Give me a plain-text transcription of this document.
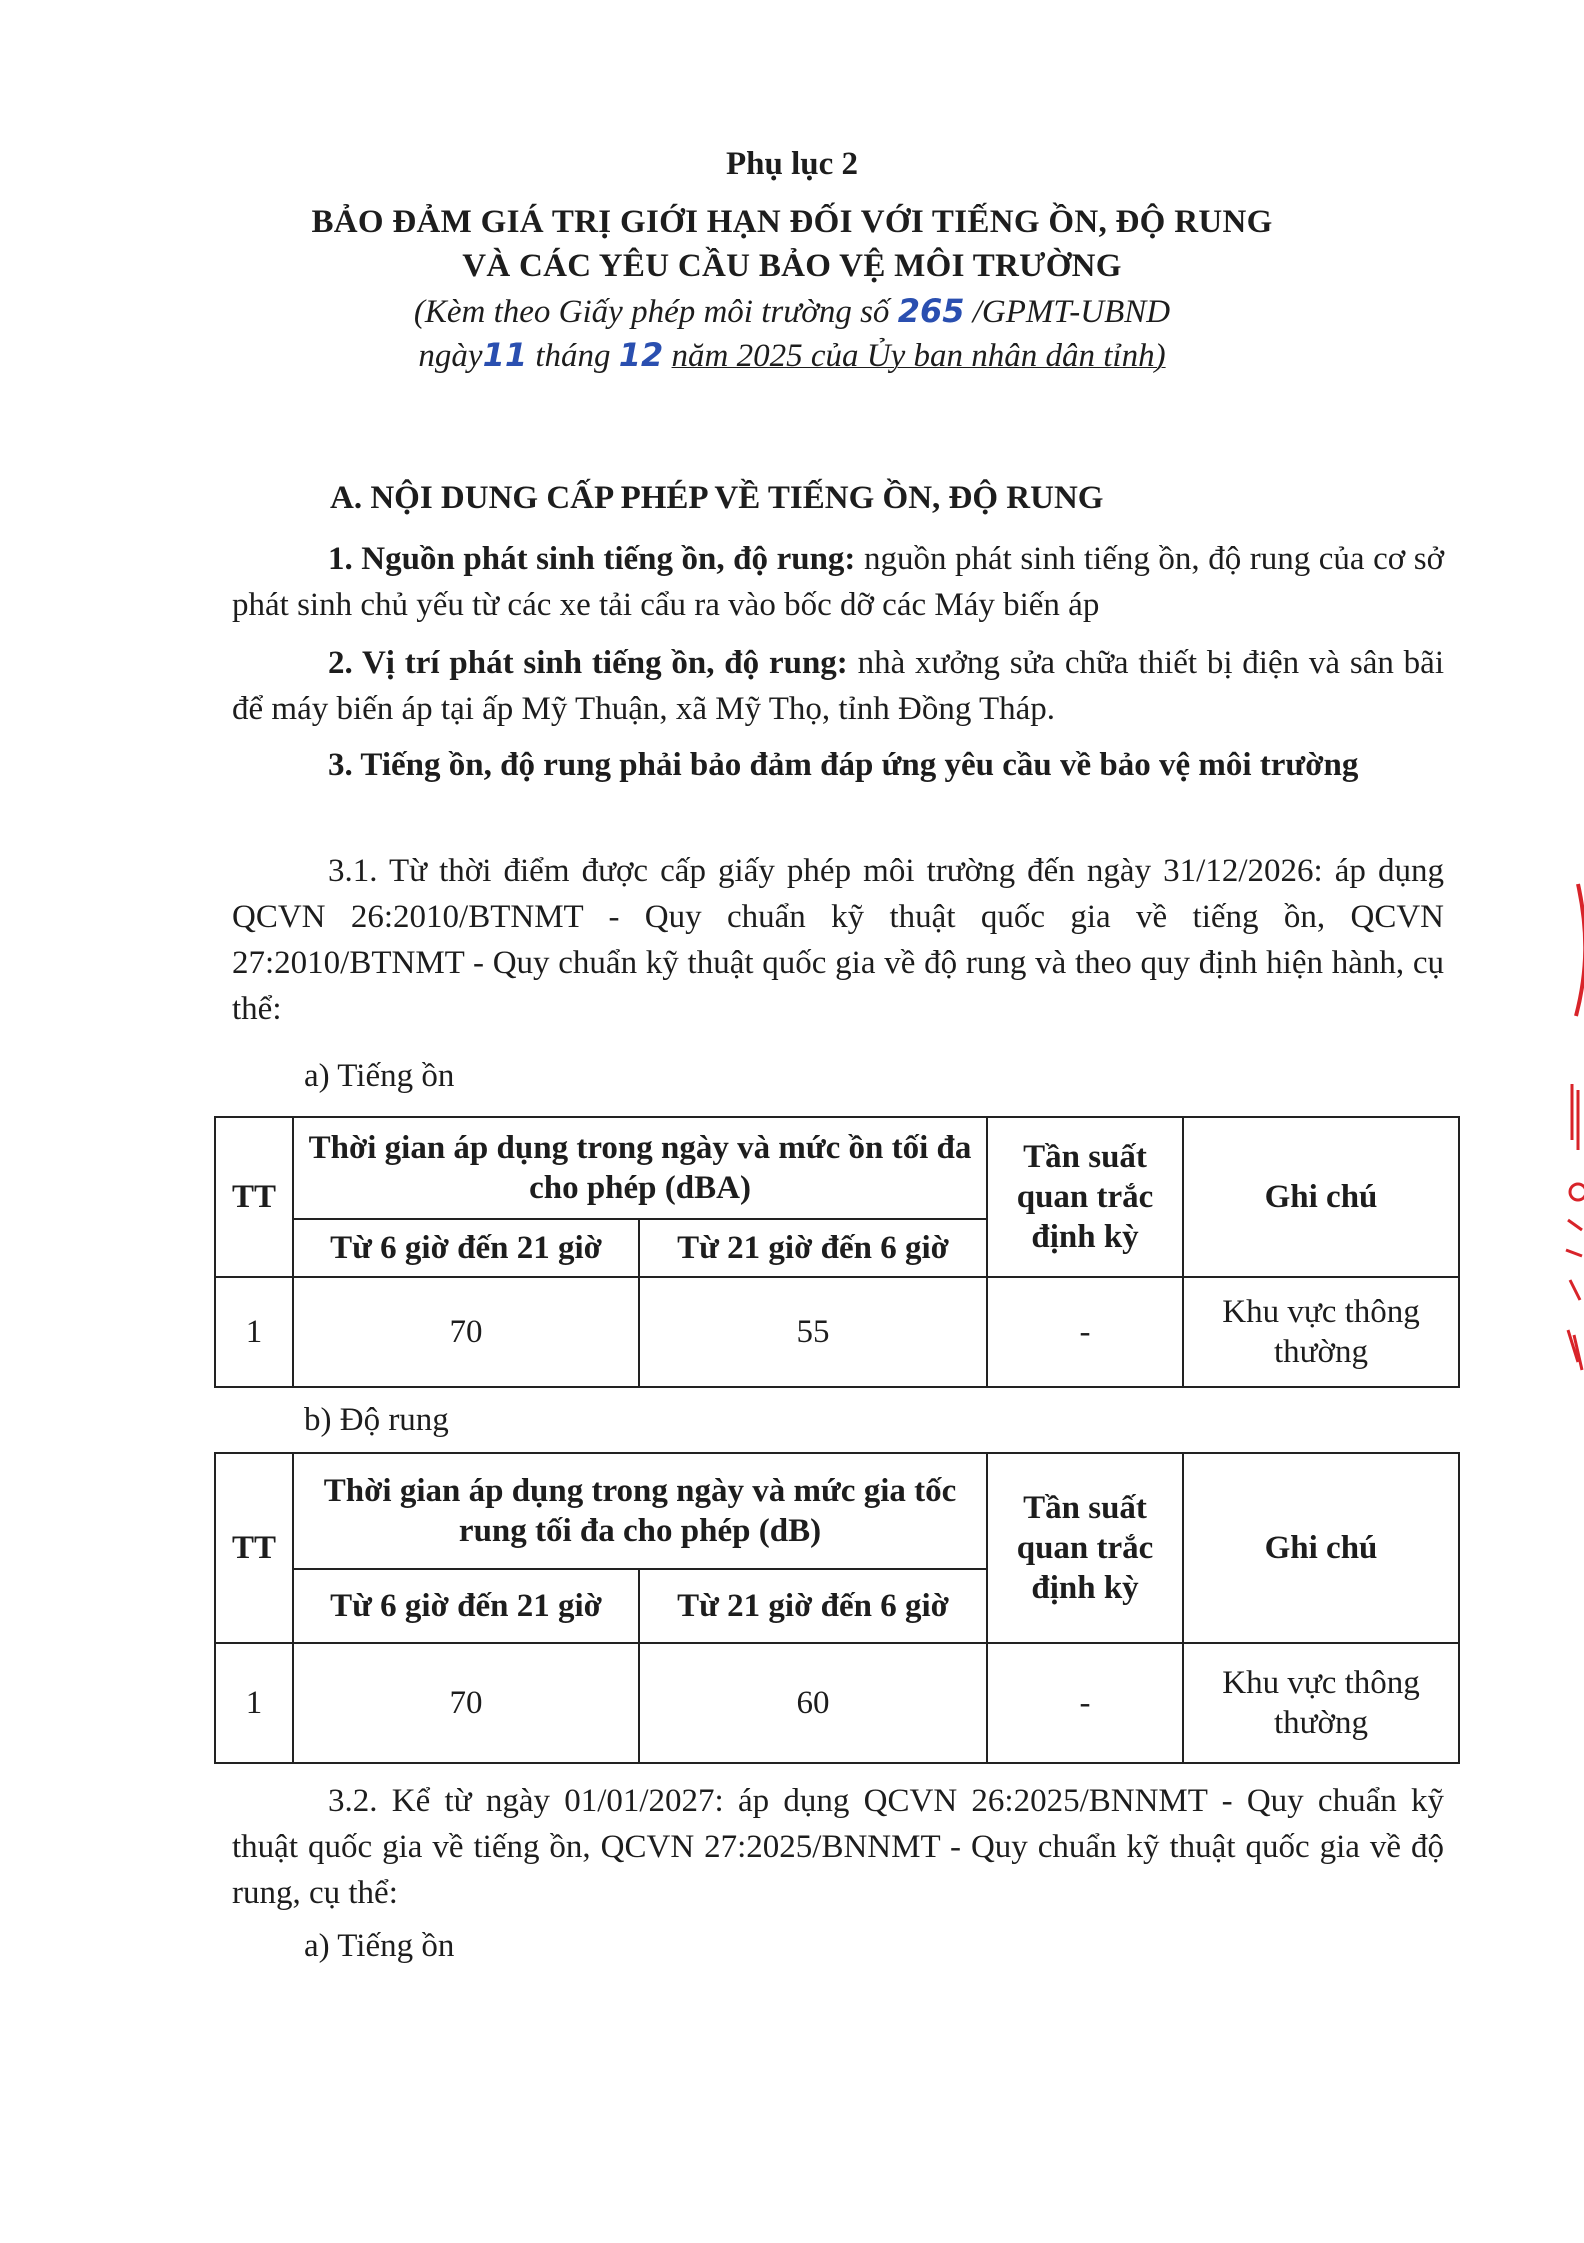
Phụ lục 2
BẢO ĐẢM GIÁ TRỊ GIỚI HẠN ĐỐI VỚI TIẾNG ỒN, ĐỘ RUNG
VÀ CÁC YÊU CẦU BẢO VỆ MÔI TRƯỜNG
(Kèm theo Giấy phép môi trường số 265 /GPMT-UBND
ngày11 tháng 12 năm 2025 của Ủy ban nhân dân tỉnh)
A. NỘI DUNG CẤP PHÉP VỀ TIẾNG ỒN, ĐỘ RUNG
1. Nguồn phát sinh tiếng ồn, độ rung: nguồn phát sinh tiếng ồn, độ rung của cơ sở phát sinh chủ yếu từ các xe tải cẩu ra vào bốc dỡ các Máy biến áp
2. Vị trí phát sinh tiếng ồn, độ rung: nhà xưởng sửa chữa thiết bị điện và sân bãi để máy biến áp tại ấp Mỹ Thuận, xã Mỹ Thọ, tỉnh Đồng Tháp.
3. Tiếng ồn, độ rung phải bảo đảm đáp ứng yêu cầu về bảo vệ môi trường
3.1. Từ thời điểm được cấp giấy phép môi trường đến ngày 31/12/2026: áp dụng QCVN 26:2010/BTNMT - Quy chuẩn kỹ thuật quốc gia về tiếng ồn, QCVN 27:2010/BTNMT - Quy chuẩn kỹ thuật quốc gia về độ rung và theo quy định hiện hành, cụ thể:
a) Tiếng ồn
TT	Thời gian áp dụng trong ngày và mức ồn tối đa cho phép (dBA)		Tần suất quan trắc định kỳ	Ghi chú
	Từ 6 giờ đến 21 giờ	Từ 21 giờ đến 6 giờ		
1	70	55	-	Khu vực thông thường
b) Độ rung
TT	Thời gian áp dụng trong ngày và mức gia tốc rung tối đa cho phép (dB)		Tần suất quan trắc định kỳ	Ghi chú
	Từ 6 giờ đến 21 giờ	Từ 21 giờ đến 6 giờ		
1	70	60	-	Khu vực thông thường
3.2. Kể từ ngày 01/01/2027: áp dụng QCVN 26:2025/BNNMT - Quy chuẩn kỹ thuật quốc gia về tiếng ồn, QCVN 27:2025/BNNMT - Quy chuẩn kỹ thuật quốc gia về độ rung, cụ thể:
a) Tiếng ồn
